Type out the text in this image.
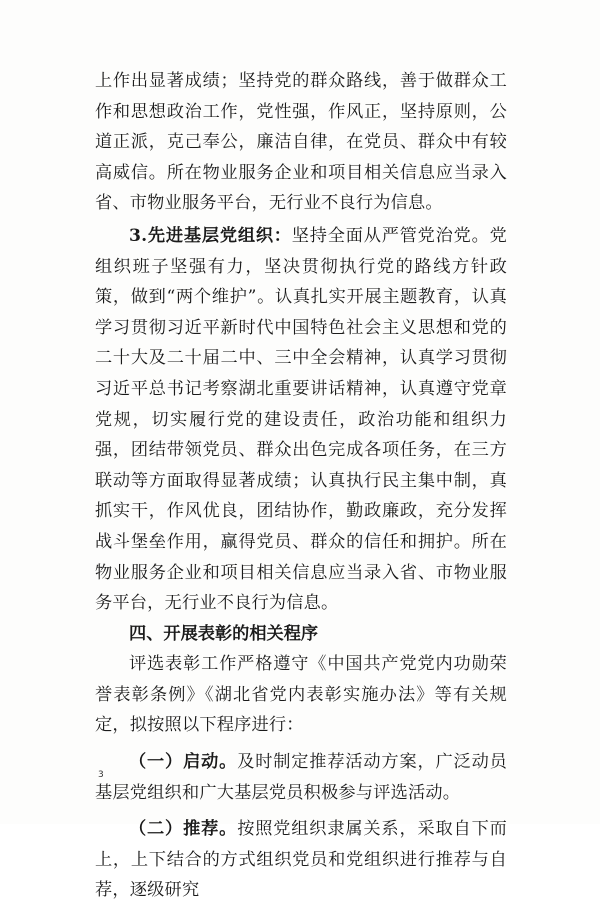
上作出显著成绩；坚持党的群众路线，善于做群众工作和思想政治工作，党性强，作风正，坚持原则，公道正派，克己奉公，廉洁自律，在党员、群众中有较高威信。所在物业服务企业和项目相关信息应当录入省、市物业服务平台，无行业不良行为信息。

3.先进基层党组织：坚持全面从严管党治党。党组织班子坚强有力，坚决贯彻执行党的路线方针政策，做到“两个维护”。认真扎实开展主题教育，认真学习贯彻习近平新时代中国特色社会主义思想和党的二十大及二十届二中、三中全会精神，认真学习贯彻习近平总书记考察湖北重要讲话精神，认真遵守党章党规，切实履行党的建设责任，政治功能和组织力强，团结带领党员、群众出色完成各项任务，在三方联动等方面取得显著成绩；认真执行民主集中制，真抓实干，作风优良，团结协作，勤政廉政，充分发挥战斗堡垒作用，赢得党员、群众的信任和拥护。所在物业服务企业和项目相关信息应当录入省、市物业服务平台，无行业不良行为信息。

四、开展表彰的相关程序

评选表彰工作严格遵守《中国共产党党内功勋荣誉表彰条例》《湖北省党内表彰实施办法》等有关规定，拟按照以下程序进行：

（一）启动。及时制定推荐活动方案，广泛动员基层党组织和广大基层党员积极参与评选活动。

（二）推荐。按照党组织隶属关系，采取自下而上，上下结合的方式组织党员和党组织进行推荐与自荐，逐级研究

3
